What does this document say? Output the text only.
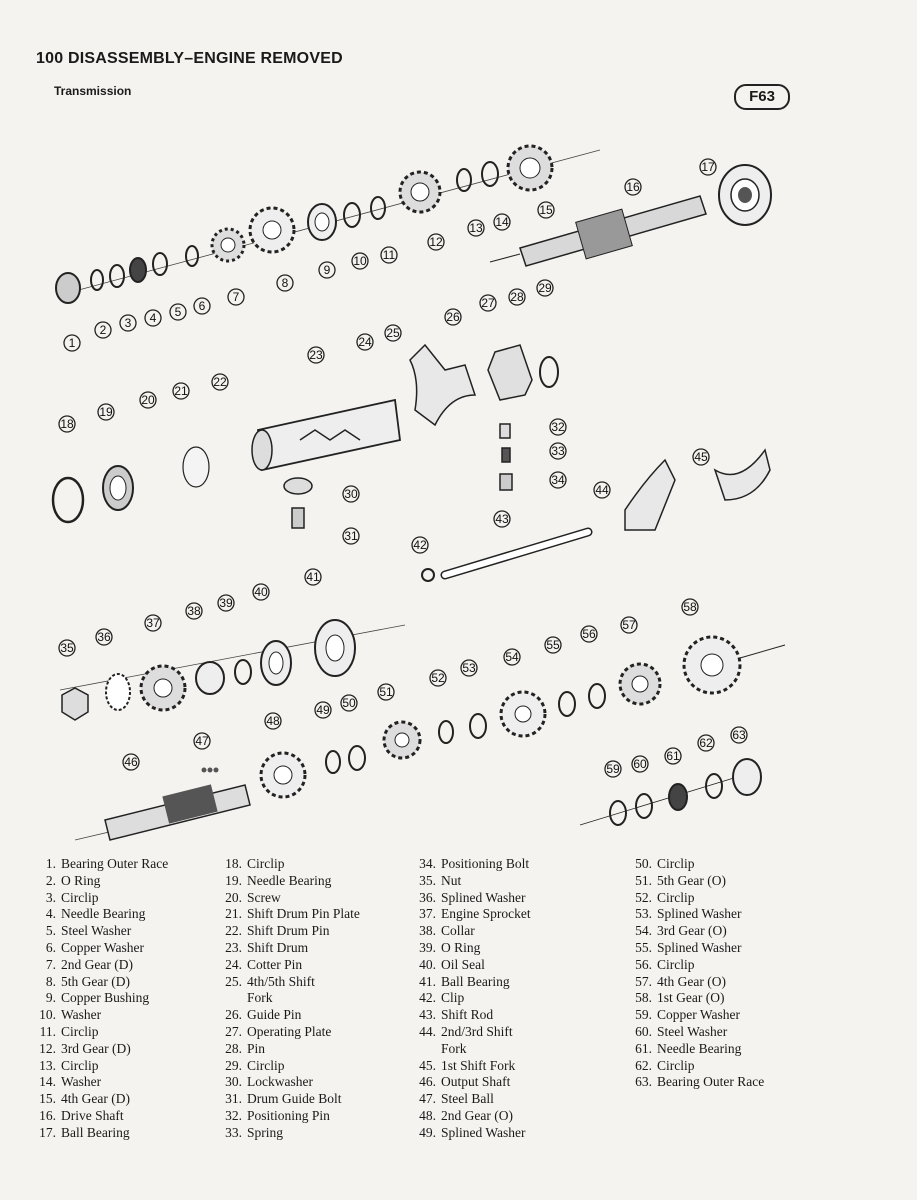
100 DISASSEMBLY–ENGINE REMOVED
Transmission	F63
1
2 3 4 5 6
7
8
9
10 11
12
13 14
15
16
17
18
19
20
21
22
23
24
25
26
27 28
29
32
33
34
30
31
42
43
44
45
35
36
37
38
39
40
41
51
52
53
54
55
56
57
58
46
47
48
49 50
59 60
61
62
63
1. Bearing Outer Race
2. O Ring
3. Circlip
4. Needle Bearing
5. Steel Washer
6. Copper Washer
7. 2nd Gear (D)
8. 5th Gear (D)
9. Copper Bushing
10. Washer
11. Circlip
12. 3rd Gear (D)
13. Circlip
14. Washer
15. 4th Gear (D)
16. Drive Shaft
17. Ball Bearing
18. Circlip
19. Needle Bearing
20. Screw
21. Shift Drum Pin Plate
22. Shift Drum Pin
23. Shift Drum
24. Cotter Pin
25. 4th/5th Shift
Fork
26. Guide Pin
27. Operating Plate
28. Pin
29. Circlip
30. Lockwasher
31. Drum Guide Bolt
32. Positioning Pin
33. Spring
34. Positioning Bolt
35. Nut
36. Splined Washer
37. Engine Sprocket
38. Collar
39. O Ring
40. Oil Seal
41. Ball Bearing
42. Clip
43. Shift Rod
44. 2nd/3rd Shift
Fork
45. 1st Shift Fork
46. Output Shaft
47. Steel Ball
48. 2nd Gear (O)
49. Splined Washer
50. Circlip
51. 5th Gear (O)
52. Circlip
53. Splined Washer
54. 3rd Gear (O)
55. Splined Washer
56. Circlip
57. 4th Gear (O)
58. 1st Gear (O)
59. Copper Washer
60. Steel Washer
61. Needle Bearing
62. Circlip
63. Bearing Outer Race
